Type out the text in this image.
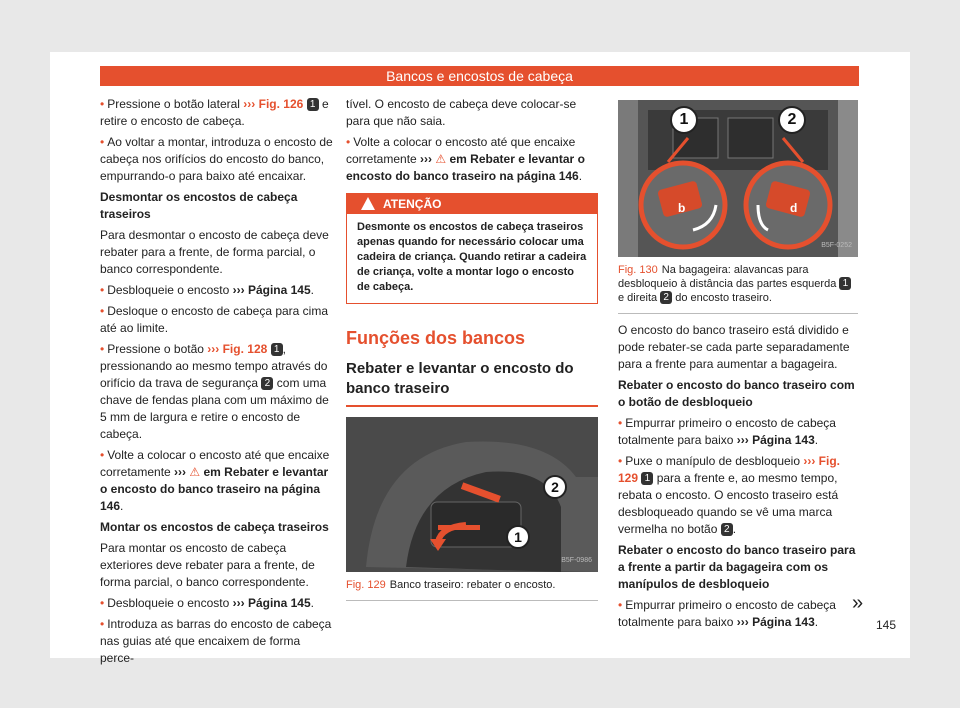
Bancos e encostos de cabeça

• Pressione o botão lateral ››› Fig. 126 1 e retire o encosto de cabeça.

• Ao voltar a montar, introduza o encosto de cabeça nos orifícios do encosto do banco, empurrando-o para baixo até encaixar.

Desmontar os encostos de cabeça traseiros

Para desmontar o encosto de cabeça deve rebater para a frente, de forma parcial, o banco correspondente.

• Desbloqueie o encosto ››› Página 145.

• Desloque o encosto de cabeça para cima até ao limite.

• Pressione o botão ››› Fig. 128 1 , pressionando ao mesmo tempo através do orifício da trava de segurança 2 com uma chave de fendas plana com um máximo de 5 mm de largura e retire o encosto de cabeça.

• Volte a colocar o encosto até que encaixe corretamente ››› ⚠ em Rebater e levantar o encosto do banco traseiro na página 146.

Montar os encostos de cabeça traseiros

Para montar os encosto de cabeça exteriores deve rebater para a frente, de forma parcial, o banco correspondente.

• Desbloqueie o encosto ››› Página 145.

• Introduza as barras do encosto de cabeça nas guias até que encaixem de forma perce-

tível. O encosto de cabeça deve colocar-se para que não saia.

• Volte a colocar o encosto até que encaixe corretamente ››› ⚠ em Rebater e levantar o encosto do banco traseiro na página 146.

ATENÇÃO
Desmonte os encostos de cabeça traseiros apenas quando for necessário colocar uma cadeira de criança. Quando retirar a cadeira de criança, volte a montar logo o encosto de cabeça.
Funções dos bancos
Rebater e levantar o encosto do banco traseiro
2
1
B5F-0986
Fig. 129 Banco traseiro: rebater o encosto.
1	2
b	d
B5F-0252
Fig. 130 Na bagageira: alavancas para desbloqueio à distância das partes esquerda 1 e direita 2 do encosto traseiro.

O encosto do banco traseiro está dividido e pode rebater-se cada parte separadamente para a frente para aumentar a bagageira.

Rebater o encosto do banco traseiro com o botão de desbloqueio

• Empurrar primeiro o encosto de cabeça totalmente para baixo ››› Página 143.

• Puxe o manípulo de desbloqueio ››› Fig. 129 1 para a frente e, ao mesmo tempo, rebata o encosto. O encosto traseiro está desbloqueado quando se vê uma marca vermelha no botão 2 .

Rebater o encosto do banco traseiro para a frente a partir da bagageira com os manípulos de desbloqueio

• Empurrar primeiro o encosto de cabeça totalmente para baixo ››› Página 143.

»
145
